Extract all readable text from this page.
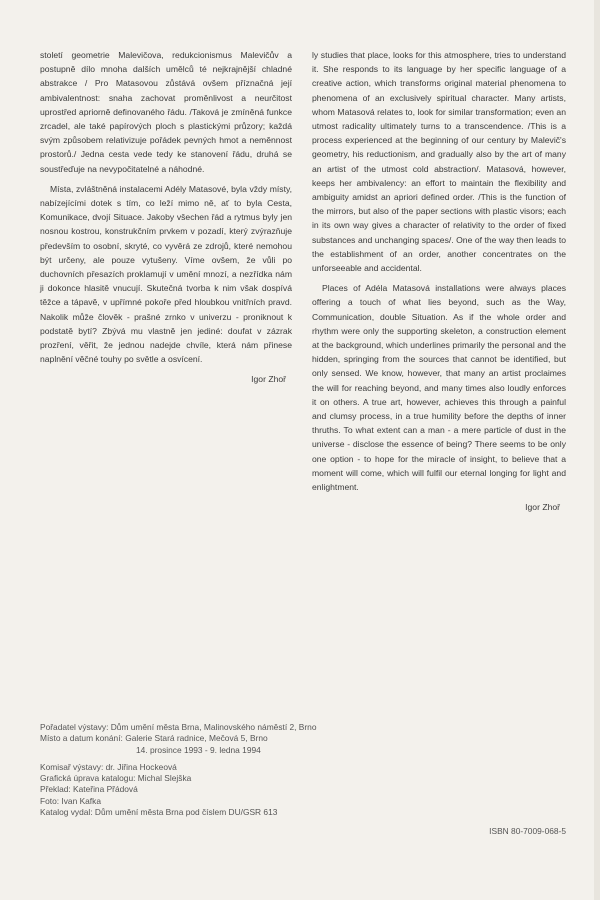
století geometrie Malevičova, redukcionismus Malevičův a postupně dílo mnoha dalších umělců té nejkrajnější chladné abstrakce / Pro Matasovou zůstává ovšem příznačná její ambivalentnost: snaha zachovat proměnlivost a neurčitost uprostřed apriorně definovaného řádu. /Taková je zmíněná funkce zrcadel, ale také papírových ploch s plastickými průzory; každá svým způsobem relativizuje pořádek pevných hmot a neměnnost prostorů./ Jedna cesta vede tedy ke stanovení řádu, druhá se soustřeďuje na nevypočitatelné a náhodné.

Místa, zvláštněná instalacemi Adély Matasové, byla vždy místy, nabízejícími dotek s tím, co leží mimo ně, ať to byla Cesta, Komunikace, dvojí Situace. Jakoby všechen řád a rytmus byly jen nosnou kostrou, konstrukčním prvkem v pozadí, který zvýrazňuje především to osobní, skryté, co vyvěrá ze zdrojů, které nemohou být určeny, ale pouze vytušeny. Víme ovšem, že vůli po duchovních přesazích proklamují v umění mnozí, a nezřídka nám ji dokonce hlasitě vnucují. Skutečná tvorba k nim však dospívá těžce a tápavě, v upřímné pokoře před hloubkou vnitřních pravd. Nakolik může člověk - prašné zrnko v univerzu - proniknout k podstatě bytí? Zbývá mu vlastně jen jediné: doufat v zázrak prozření, věřit, že jednou nadejde chvíle, která nám přinese naplnění věčné touhy po světle a osvícení.

Igor Zhoř

ly studies that place, looks for this atmosphere, tries to understand it. She responds to its language by her specific language of a creative action, which transforms original material phenomena to phenomena of an exclusively spiritual character. Many artists, whom Matasová relates to, look for similar transformation; even an utmost radicality ultimately turns to a transcendence. /This is a process experienced at the beginning of our century by Malevič's geometry, his reductionism, and gradually also by the art of many an artist of the utmost cold abstraction/. Matasová, however, keeps her ambivalency: an effort to maintain the flexibility and ambiguity amidst an apriori defined order. /This is the function of the mirrors, but also of the paper sections with plastic visors; each in its own way gives a character of relativity to the order of fixed substances and unchanging spaces/. One of the way then leads to the establishment of an order, another concentrates on the unforseeable and accidental.

Places of Adéla Matasová installations were always places offering a touch of what lies beyond, such as the Way, Communication, double Situation. As if the whole order and rhythm were only the supporting skeleton, a construction element at the background, which underlines primarily the personal and the hidden, springing from the sources that cannot be identified, but only sensed. We know, however, that many an artist proclaimes the will for reaching beyond, and many times also loudly enforces it on others. A true art, however, achieves this through a painful and clumsy process, in a true humility before the depths of inner thruths. To what extent can a man - a mere particle of dust in the universe - disclose the essence of being? There seems to be only one option - to hope for the miracle of insight, to believe that a moment will come, which will fulfil our eternal longing for light and enlightment.

Igor Zhoř
Pořadatel výstavy: Dům umění města Brna, Malinovského náměstí 2, Brno
Místo a datum konání: Galerie Stará radnice, Mečová 5, Brno
14. prosince 1993 - 9. ledna 1994
Komisař výstavy: dr. Jiřina Hockeová
Grafická úprava katalogu: Michal Slejška
Překlad: Kateřina Přádová
Foto: Ivan Kafka
Katalog vydal: Dům umění města Brna pod číslem DU/GSR 613
ISBN 80-7009-068-5
